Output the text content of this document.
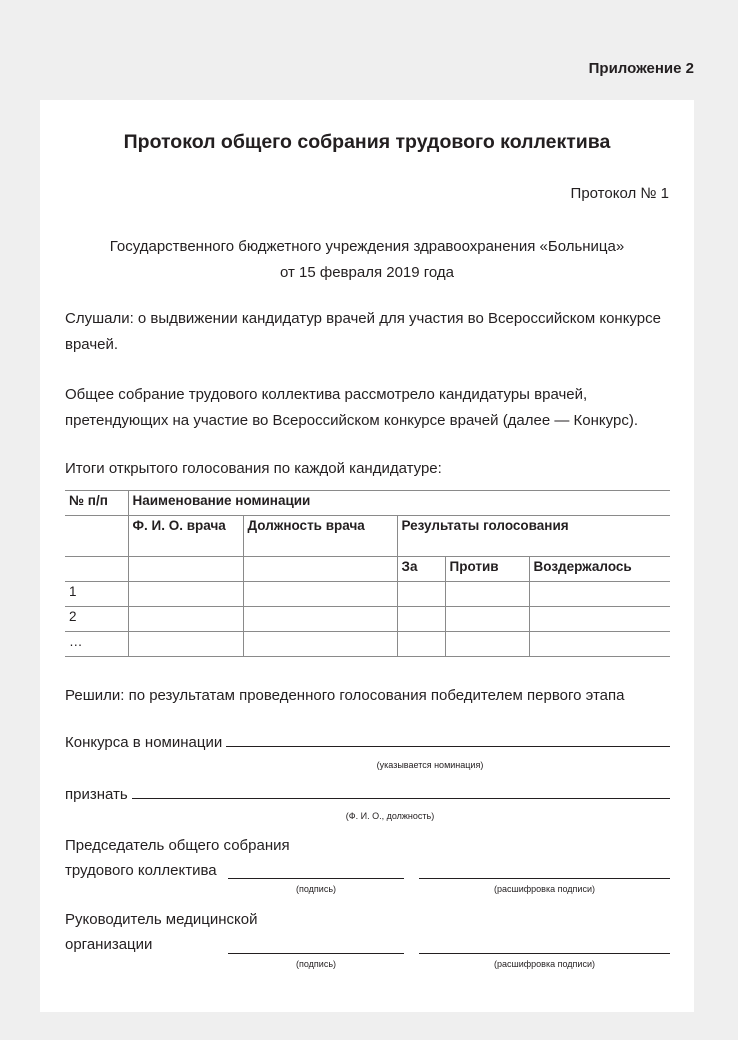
Приложение 2
Протокол общего собрания трудового коллектива
Протокол № 1
Государственного бюджетного учреждения здравоохранения «Больница»
от 15 февраля 2019 года
Слушали: о выдвижении кандидатур врачей для участия во Всероссийском конкурсе врачей.
Общее собрание трудового коллектива рассмотрело кандидатуры врачей, претендующих на участие во Всероссийском конкурсе врачей (далее — Конкурс).
Итоги открытого голосования по каждой кандидатуре:
№ п/п	Наименование номинации				
	Ф. И. О. врача	Должность врача	Результаты голосования		
			За	Против	Воздержалось
1					
2					
…					
Решили: по результатам проведенного голосования победителем первого этапа
Конкурса в номинации
(указывается номинация)
признать
(Ф. И. О., должность)
Председатель общего собрания
трудового коллектива
(подпись)	(расшифровка подписи)
Руководитель медицинской
организации
(подпись)	(расшифровка подписи)
